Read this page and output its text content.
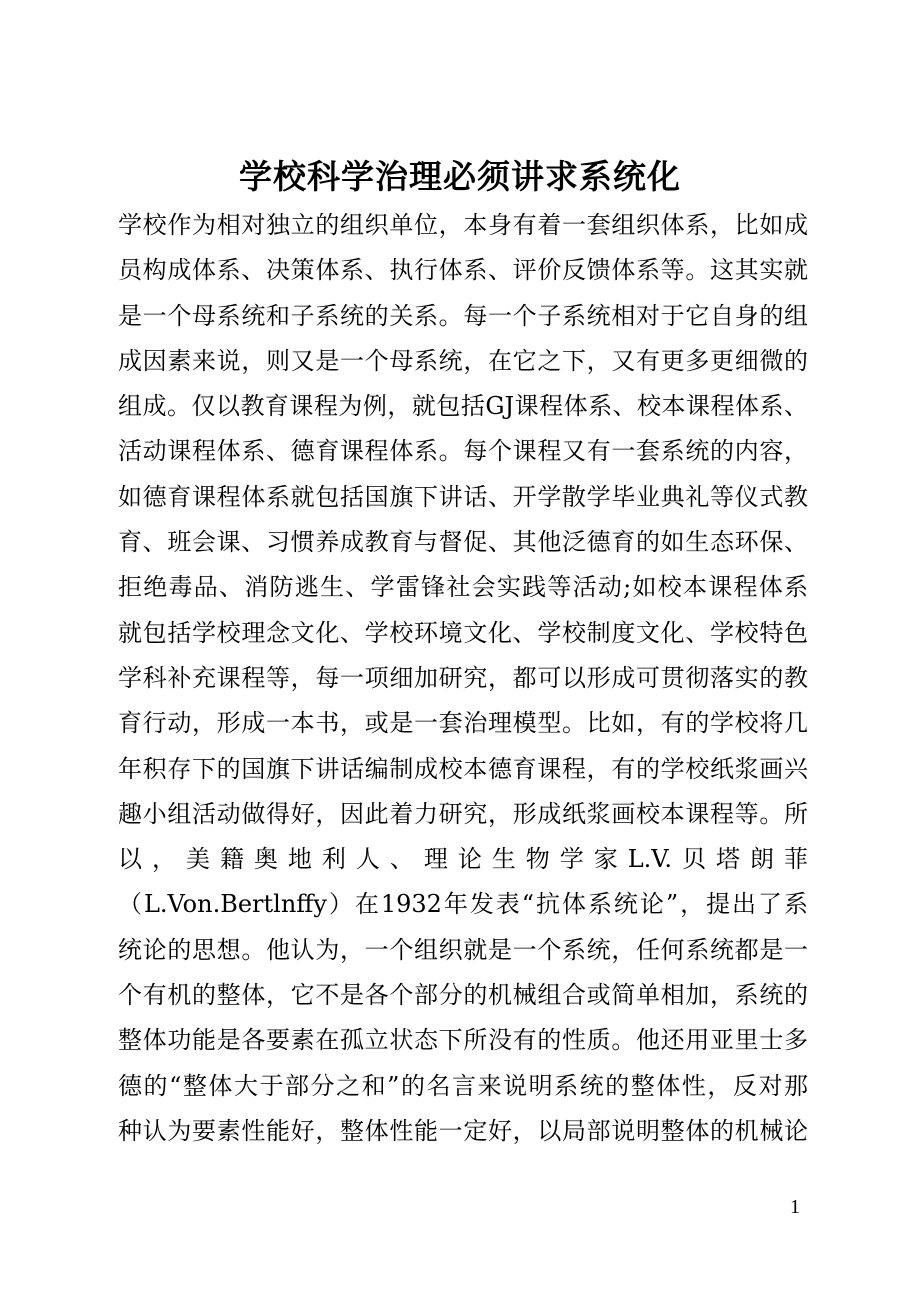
学校科学治理必须讲求系统化
学校作为相对独立的组织单位，本身有着一套组织体系，比如成
员构成体系、决策体系、执行体系、评价反馈体系等。这其实就
是一个母系统和子系统的关系。每一个子系统相对于它自身的组
成因素来说，则又是一个母系统，在它之下，又有更多更细微的
组成。仅以教育课程为例，就包括GJ课程体系、校本课程体系、
活动课程体系、德育课程体系。每个课程又有一套系统的内容，
如德育课程体系就包括国旗下讲话、开学散学毕业典礼等仪式教
育、班会课、习惯养成教育与督促、其他泛德育的如生态环保、
拒绝毒品、消防逃生、学雷锋社会实践等活动;如校本课程体系
就包括学校理念文化、学校环境文化、学校制度文化、学校特色
学科补充课程等，每一项细加研究，都可以形成可贯彻落实的教
育行动，形成一本书，或是一套治理模型。比如，有的学校将几
年积存下的国旗下讲话编制成校本德育课程，有的学校纸浆画兴
趣小组活动做得好，因此着力研究，形成纸浆画校本课程等。所
以，美籍奥地利人、理论生物学家L.V.贝塔朗菲
（L.Von.Bertlnffy）在1932年发表“抗体系统论”，提出了系
统论的思想。他认为，一个组织就是一个系统，任何系统都是一
个有机的整体，它不是各个部分的机械组合或简单相加，系统的
整体功能是各要素在孤立状态下所没有的性质。他还用亚里士多
德的“整体大于部分之和”的名言来说明系统的整体性，反对那
种认为要素性能好，整体性能一定好，以局部说明整体的机械论
1
